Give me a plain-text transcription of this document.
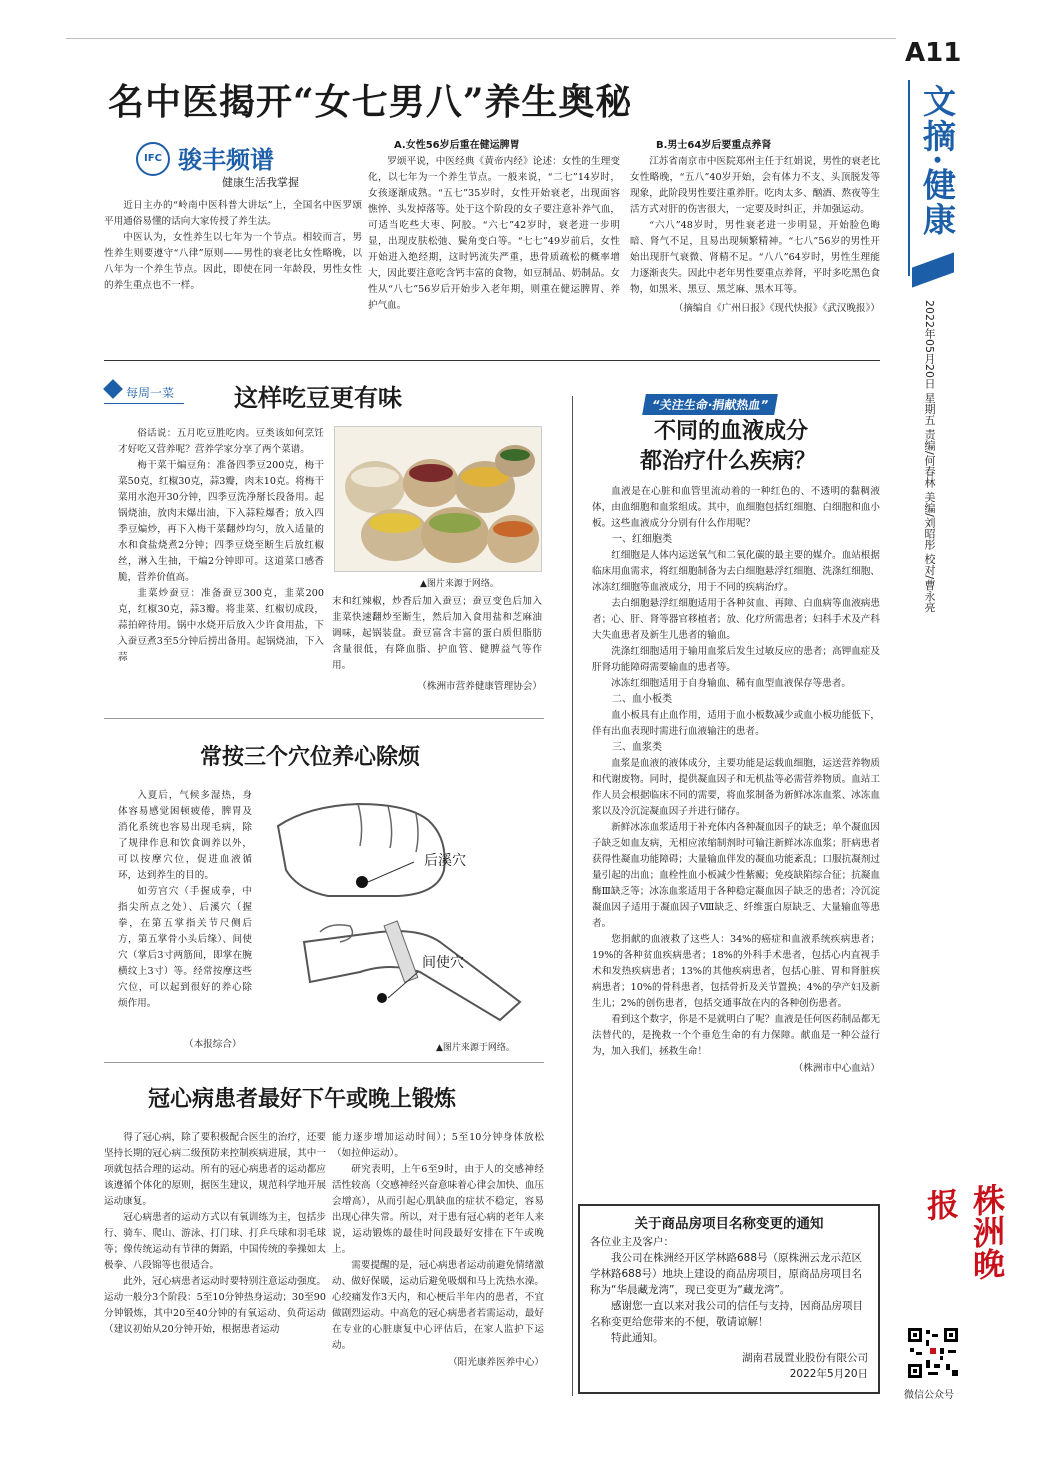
A11
文摘·健康
2022年05月20日 星期五 责编/何春林 美编/刘昭彤 校对/曹永亮
株洲晚报
微信公众号
名中医揭开“女七男八”养生奥秘
IFC 骏丰频谱
健康生活我掌握

近日主办的“岭南中医科普大讲坛”上，全国名中医罗颂平用通俗易懂的话向大家传授了养生法。

中医认为，女性养生以七年为一个节点。相较而言，男性养生则要遵守“八律”原则——男性的衰老比女性略晚，以八年为一个养生节点。因此，即使在同一年龄段，男性女性的养生重点也不一样。

A.女性56岁后重在健运脾胃

罗颂平说，中医经典《黄帝内经》论述：女性的生理变化，以七年为一个养生节点。一般来说，“二七”14岁时，女孩逐渐成熟。“五七”35岁时，女性开始衰老，出现面容憔悴、头发掉落等。处于这个阶段的女子要注意补养气血，可适当吃些大枣、阿胶。“六七”42岁时，衰老进一步明显，出现皮肤松弛、鬓角变白等。“七七”49岁前后，女性开始进入绝经期，这时钙流失严重，患骨质疏松的概率增大，因此要注意吃含钙丰富的食物，如豆制品、奶制品。女性从“八七”56岁后开始步入老年期，则重在健运脾胃、养护气血。

B.男士64岁后要重点养肾

江苏省南京市中医院郑州主任于红娟说，男性的衰老比女性略晚，“五八”40岁开始，会有体力不支、头顶脱发等现象，此阶段男性要注重养肝。吃肉太多、酗酒、熬夜等生活方式对肝的伤害很大，一定要及时纠正，并加强运动。

“六八”48岁时，男性衰老进一步明显，开始脸色晦暗、肾气不足，且易出现频繁精神。“七八”56岁的男性开始出现肝气衰微、肾精不足。“八八”64岁时，男性生理能力逐渐丧失。因此中老年男性要重点养肾，平时多吃黑色食物，如黑米、黑豆、黑芝麻、黑木耳等。

（摘编自《广州日报》《现代快报》《武汉晚报》）
每周一菜 这样吃豆更有味

俗话说：五月吃豆胜吃肉。豆类该如何烹饪才好吃又营养呢？营养学家分享了两个菜谱。

梅干菜干煸豆角：准备四季豆200克，梅干菜50克，红椒30克，蒜3瓣，肉末10克。将梅干菜用水泡开30分钟，四季豆洗净掰长段备用。起锅烧油，放肉末爆出油，下入蒜粒爆香；放入四季豆煸炒，再下入梅干菜翻炒均匀，放入适量的水和食盐烧煮2分钟；四季豆烧至断生后放红椒丝，淋入生抽，干煸2分钟即可。这道菜口感香脆，营养价值高。

韭菜炒蚕豆：准备蚕豆300克，韭菜200克，红椒30克，蒜3瓣。将韭菜、红椒切成段，蒜拍碎待用。锅中水烧开后放入少许食用盐，下入蚕豆煮3至5分钟后捞出备用。起锅烧油，下入蒜

▲图片来源于网络。

末和红辣椒，炒香后加入蚕豆；蚕豆变色后加入韭菜快速翻炒至断生，然后加入食用盐和芝麻油调味，起锅装盘。蚕豆富含丰富的蛋白质但脂肪含量很低，有降血脂、护血管、健脾益气等作用。

（株洲市营养健康管理协会）
常按三个穴位养心除烦

入夏后，气候多湿热，身体容易感觉困顿疲倦，脾胃及消化系统也容易出现毛病，除了规律作息和饮食调养以外，可以按摩穴位，促进血液循环，达到养生的目的。

如劳宫穴（手握成拳，中指尖所点之处）、后溪穴（握拳，在第五掌指关节尺侧后方，第五掌骨小头后缘）、间使穴（掌后3寸两筋间，即掌在腕横纹上3寸）等。经常按摩这些穴位，可以起到很好的养心除烦作用。

（本报综合）
后溪穴
间使穴
▲图片来源于网络。
冠心病患者最好下午或晚上锻炼

得了冠心病，除了要积极配合医生的治疗，还要坚持长期的冠心病二级预防来控制疾病进展，其中一项就包括合理的运动。所有的冠心病患者的运动都应该遵循个体化的原则，据医生建议，规范科学地开展运动康复。

冠心病患者的运动方式以有氧训练为主，包括步行、骑车、爬山、游泳、打门球、打乒乓球和羽毛球等；像传统运动有节律的舞蹈，中国传统的拳操如太极拳、八段锦等也很适合。

此外，冠心病患者运动时要特别注意运动强度。运动一般分3个阶段：5至10分钟热身运动；30至90分钟锻炼，其中20至40分钟的有氧运动、负荷运动（建议初始从20分钟开始，根据患者运动

能力逐步增加运动时间）；5至10分钟身体放松（如拉伸运动）。

研究表明，上午6至9时，由于人的交感神经活性较高（交感神经兴奋意味着心律会加快、血压会增高），从而引起心肌缺血的症状不稳定，容易出现心律失常。所以，对于患有冠心病的老年人来说，运动锻炼的最佳时间段最好安排在下午或晚上。

需要提醒的是，冠心病患者运动前避免情绪激动、做好保暖，运动后避免吸烟和马上洗热水澡。心绞痛发作3天内，和心梗后半年内的患者，不宜做剧烈运动。中高危的冠心病患者若需运动，最好在专业的心脏康复中心评估后，在家人监护下运动。

（阳光康养医养中心）
“关注生命·捐献热血”
不同的血液成分
都治疗什么疾病？

血液是在心脏和血管里流动着的一种红色的、不透明的黏稠液体，由血细胞和血浆组成。其中，血细胞包括红细胞、白细胞和血小板。这些血液成分分别有什么作用呢？

一、红细胞类

红细胞是人体内运送氧气和二氧化碳的最主要的媒介。血站根据临床用血需求，将红细胞制备为去白细胞悬浮红细胞、洗涤红细胞、冰冻红细胞等血液成分，用于不同的疾病治疗。

去白细胞悬浮红细胞适用于各种贫血、再障、白血病等血液病患者；心、肝、肾等器官移植者；放、化疗所需患者；妇科手术及产科大失血患者及新生儿患者的输血。

洗涤红细胞适用于输用血浆后发生过敏反应的患者；高钾血症及肝肾功能障碍需要输血的患者等。

冰冻红细胞适用于自身输血、稀有血型血液保存等患者。

二、血小板类

血小板具有止血作用，适用于血小板数减少或血小板功能低下，伴有出血表现时需进行血液输注的患者。

三、血浆类

血浆是血液的液体成分，主要功能是运载血细胞，运送营养物质和代谢废物。同时，提供凝血因子和无机盐等必需营养物质。血站工作人员会根据临床不同的需要，将血浆制备为新鲜冰冻血浆、冰冻血浆以及冷沉淀凝血因子并进行储存。

新鲜冰冻血浆适用于补充体内各种凝血因子的缺乏；单个凝血因子缺乏如血友病，无相应浓缩制剂时可输注新鲜冰冻血浆；肝病患者获得性凝血功能障碍；大量输血伴发的凝血功能紊乱；口服抗凝剂过量引起的出血；血栓性血小板减少性紫癜；免疫缺陷综合征；抗凝血酶Ⅲ缺乏等；冰冻血浆适用于各种稳定凝血因子缺乏的患者；冷沉淀凝血因子适用于凝血因子Ⅷ缺乏、纤维蛋白原缺乏、大量输血等患者。

您捐献的血液救了这些人：34%的癌症和血液系统疾病患者；19%的各种贫血疾病患者；18%的外科手术患者，包括心内直视手术和发热疾病患者；13%的其他疾病患者，包括心脏、胃和肾脏疾病患者；10%的骨科患者，包括骨折及关节置换；4%的孕产妇及新生儿；2%的创伤患者，包括交通事故在内的各种创伤患者。

看到这个数字，你是不是就明白了呢？血液是任何医药制品都无法替代的，是挽救一个个垂危生命的有力保障。献血是一种公益行为，加入我们，拯救生命！

（株洲市中心血站）
关于商品房项目名称变更的通知
各位业主及客户：
我公司在株洲经开区学林路688号（原株洲云龙示范区学林路688号）地块上建设的商品房项目，原商品房项目名称为“华晨藏龙湾”，现已变更为“藏龙湾”。
感谢您一直以来对我公司的信任与支持，因商品房项目名称变更给您带来的不便，敬请谅解！
特此通知。
湖南君晟置业股份有限公司
2022年5月20日
